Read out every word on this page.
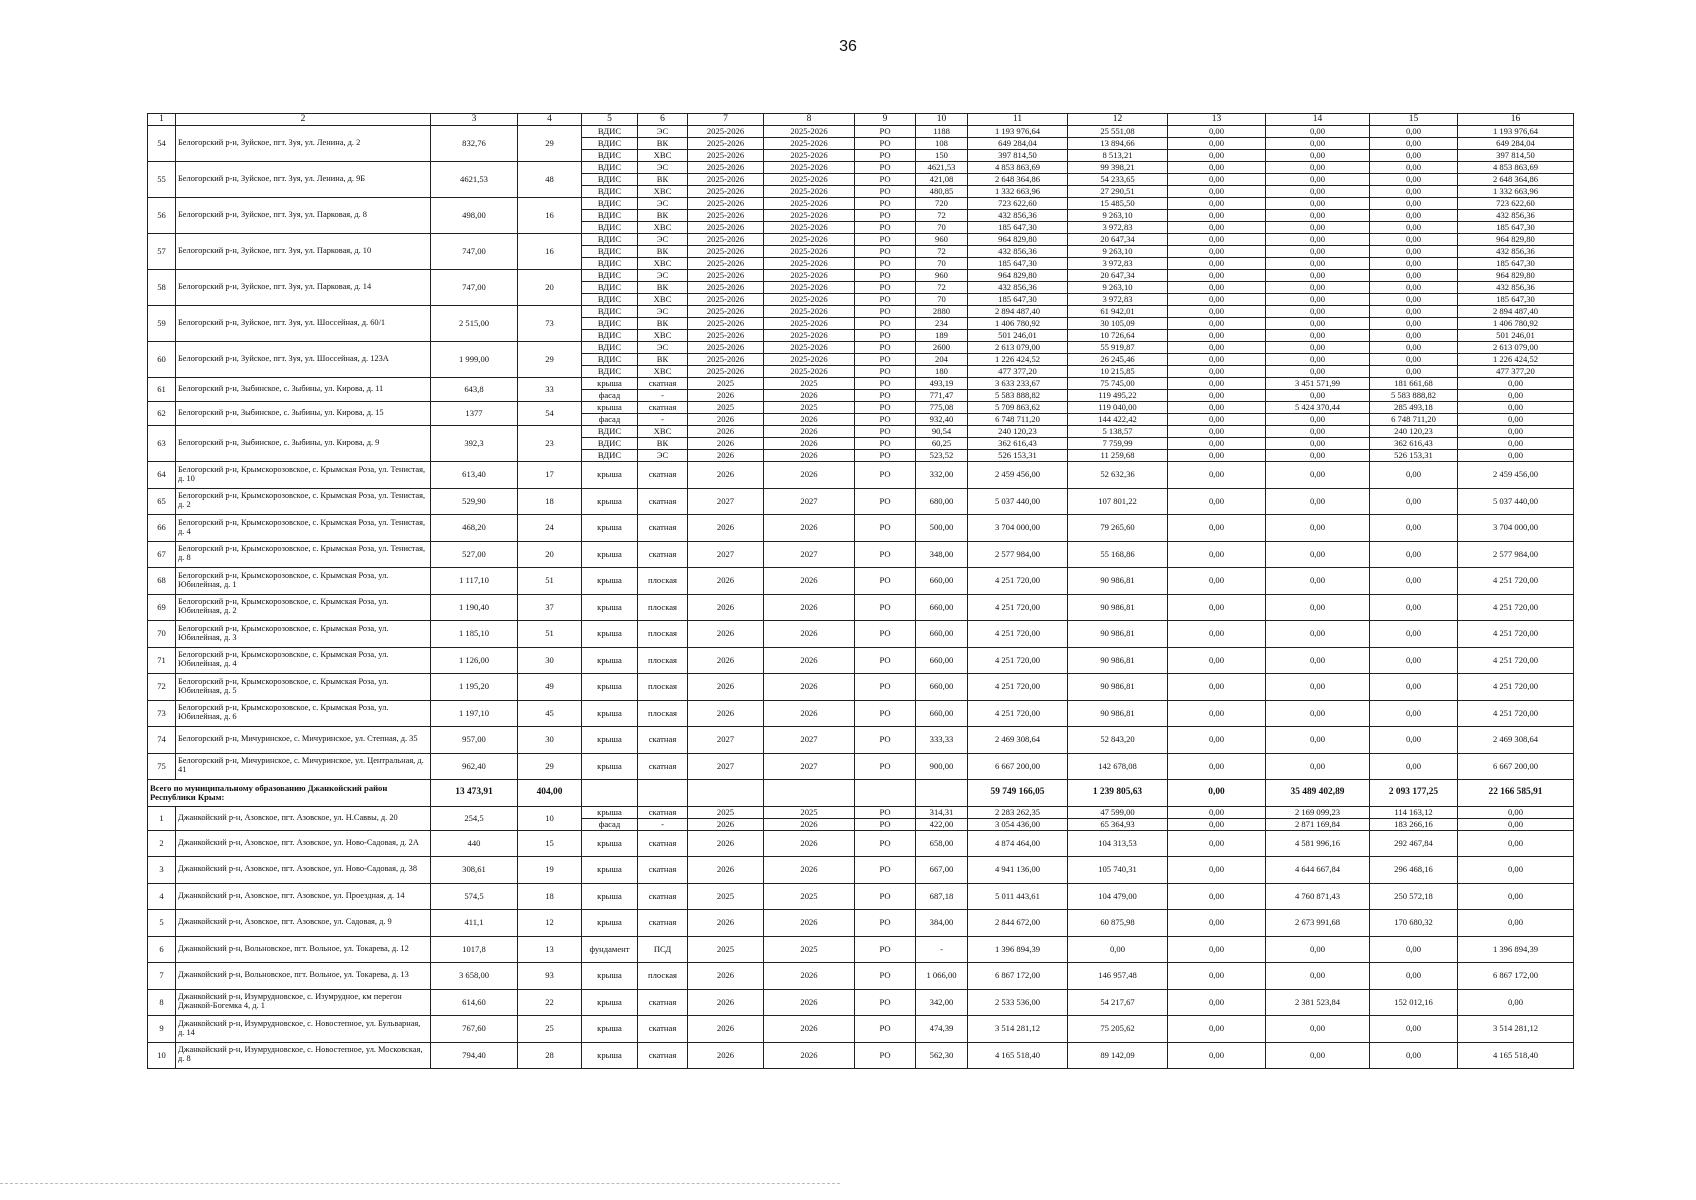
36
1	2	3	4	5	6	7	8	9	10	11	12	13	14	15	16
54	Белогорский р-н, Зуйское, пгт. Зуя, ул. Ленина, д. 2	832,76	29	ВДИС	ЭС	2025-2026	2025-2026	РО	1188	1 193 976,64	25 551,08	0,00	0,00	0,00	1 193 976,64
				ВДИС	ВК	2025-2026	2025-2026	РО	108	649 284,04	13 894,66	0,00	0,00	0,00	649 284,04
				ВДИС	ХВС	2025-2026	2025-2026	РО	150	397 814,50	8 513,21	0,00	0,00	0,00	397 814,50
55	Белогорский р-н, Зуйское, пгт. Зуя, ул. Ленина, д. 9Б	4621,53	48	ВДИС	ЭС	2025-2026	2025-2026	РО	4621,53	4 853 863,69	99 398,21	0,00	0,00	0,00	4 853 863,69
				ВДИС	ВК	2025-2026	2025-2026	РО	421,08	2 648 364,86	54 233,65	0,00	0,00	0,00	2 648 364,86
				ВДИС	ХВС	2025-2026	2025-2026	РО	480,85	1 332 663,96	27 290,51	0,00	0,00	0,00	1 332 663,96
56	Белогорский р-н, Зуйское, пгт. Зуя, ул. Парковая, д. 8	498,00	16	ВДИС	ЭС	2025-2026	2025-2026	РО	720	723 622,60	15 485,50	0,00	0,00	0,00	723 622,60
				ВДИС	ВК	2025-2026	2025-2026	РО	72	432 856,36	9 263,10	0,00	0,00	0,00	432 856,36
				ВДИС	ХВС	2025-2026	2025-2026	РО	70	185 647,30	3 972,83	0,00	0,00	0,00	185 647,30
57	Белогорский р-н, Зуйское, пгт. Зуя, ул. Парковая, д. 10	747,00	16	ВДИС	ЭС	2025-2026	2025-2026	РО	960	964 829,80	20 647,34	0,00	0,00	0,00	964 829,80
				ВДИС	ВК	2025-2026	2025-2026	РО	72	432 856,36	9 263,10	0,00	0,00	0,00	432 856,36
				ВДИС	ХВС	2025-2026	2025-2026	РО	70	185 647,30	3 972,83	0,00	0,00	0,00	185 647,30
58	Белогорский р-н, Зуйское, пгт. Зуя, ул. Парковая, д. 14	747,00	20	ВДИС	ЭС	2025-2026	2025-2026	РО	960	964 829,80	20 647,34	0,00	0,00	0,00	964 829,80
				ВДИС	ВК	2025-2026	2025-2026	РО	72	432 856,36	9 263,10	0,00	0,00	0,00	432 856,36
				ВДИС	ХВС	2025-2026	2025-2026	РО	70	185 647,30	3 972,83	0,00	0,00	0,00	185 647,30
59	Белогорский р-н, Зуйское, пгт. Зуя, ул. Шоссейная, д. 60/1	2 515,00	73	ВДИС	ЭС	2025-2026	2025-2026	РО	2880	2 894 487,40	61 942,01	0,00	0,00	0,00	2 894 487,40
				ВДИС	ВК	2025-2026	2025-2026	РО	234	1 406 780,92	30 105,09	0,00	0,00	0,00	1 406 780,92
				ВДИС	ХВС	2025-2026	2025-2026	РО	189	501 246,01	10 726,64	0,00	0,00	0,00	501 246,01
60	Белогорский р-н, Зуйское, пгт. Зуя, ул. Шоссейная, д. 123А	1 999,00	29	ВДИС	ЭС	2025-2026	2025-2026	РО	2600	2 613 079,00	55 919,87	0,00	0,00	0,00	2 613 079,00
				ВДИС	ВК	2025-2026	2025-2026	РО	204	1 226 424,52	26 245,46	0,00	0,00	0,00	1 226 424,52
				ВДИС	ХВС	2025-2026	2025-2026	РО	180	477 377,20	10 215,85	0,00	0,00	0,00	477 377,20
61	Белогорский р-н, Зыбинское, с. Зыбины, ул. Кирова, д. 11	643,8	33	крыша	скатная	2025	2025	РО	493,19	3 633 233,67	75 745,00	0,00	3 451 571,99	181 661,68	0,00
				фасад	-	2026	2026	РО	771,47	5 583 888,82	119 495,22	0,00	0,00	5 583 888,82	0,00
62	Белогорский р-н, Зыбинское, с. Зыбины, ул. Кирова, д. 15	1377	54	крыша	скатная	2025	2025	РО	775,08	5 709 863,62	119 040,00	0,00	5 424 370,44	285 493,18	0,00
				фасад	-	2026	2026	РО	932,40	6 748 711,20	144 422,42	0,00	0,00	6 748 711,20	0,00
63	Белогорский р-н, Зыбинское, с. Зыбины, ул. Кирова, д. 9	392,3	23	ВДИС	ХВС	2026	2026	РО	90,54	240 120,23	5 138,57	0,00	0,00	240 120,23	0,00
				ВДИС	ВК	2026	2026	РО	60,25	362 616,43	7 759,99	0,00	0,00	362 616,43	0,00
				ВДИС	ЭС	2026	2026	РО	523,52	526 153,31	11 259,68	0,00	0,00	526 153,31	0,00
64	Белогорский р-н, Крымскорозовское, с. Крымская Роза, ул. Тенистая, д. 10	613,40	17	крыша	скатная	2026	2026	РО	332,00	2 459 456,00	52 632,36	0,00	0,00	0,00	2 459 456,00
65	Белогорский р-н, Крымскорозовское, с. Крымская Роза, ул. Тенистая, д. 2	529,90	18	крыша	скатная	2027	2027	РО	680,00	5 037 440,00	107 801,22	0,00	0,00	0,00	5 037 440,00
66	Белогорский р-н, Крымскорозовское, с. Крымская Роза, ул. Тенистая, д. 4	468,20	24	крыша	скатная	2026	2026	РО	500,00	3 704 000,00	79 265,60	0,00	0,00	0,00	3 704 000,00
67	Белогорский р-н, Крымскорозовское, с. Крымская Роза, ул. Тенистая, д. 8	527,00	20	крыша	скатная	2027	2027	РО	348,00	2 577 984,00	55 168,86	0,00	0,00	0,00	2 577 984,00
68	Белогорский р-н, Крымскорозовское, с. Крымская Роза, ул. Юбилейная, д. 1	1 117,10	51	крыша	плоская	2026	2026	РО	660,00	4 251 720,00	90 986,81	0,00	0,00	0,00	4 251 720,00
69	Белогорский р-н, Крымскорозовское, с. Крымская Роза, ул. Юбилейная, д. 2	1 190,40	37	крыша	плоская	2026	2026	РО	660,00	4 251 720,00	90 986,81	0,00	0,00	0,00	4 251 720,00
70	Белогорский р-н, Крымскорозовское, с. Крымская Роза, ул. Юбилейная, д. 3	1 185,10	51	крыша	плоская	2026	2026	РО	660,00	4 251 720,00	90 986,81	0,00	0,00	0,00	4 251 720,00
71	Белогорский р-н, Крымскорозовское, с. Крымская Роза, ул. Юбилейная, д. 4	1 126,00	30	крыша	плоская	2026	2026	РО	660,00	4 251 720,00	90 986,81	0,00	0,00	0,00	4 251 720,00
72	Белогорский р-н, Крымскорозовское, с. Крымская Роза, ул. Юбилейная, д. 5	1 195,20	49	крыша	плоская	2026	2026	РО	660,00	4 251 720,00	90 986,81	0,00	0,00	0,00	4 251 720,00
73	Белогорский р-н, Крымскорозовское, с. Крымская Роза, ул. Юбилейная, д. 6	1 197,10	45	крыша	плоская	2026	2026	РО	660,00	4 251 720,00	90 986,81	0,00	0,00	0,00	4 251 720,00
74	Белогорский р-н, Мичуринское, с. Мичуринское, ул. Степная, д. 35	957,00	30	крыша	скатная	2027	2027	РО	333,33	2 469 308,64	52 843,20	0,00	0,00	0,00	2 469 308,64
75	Белогорский р-н, Мичуринское, с. Мичуринское, ул. Центральная, д. 41	962,40	29	крыша	скатная	2027	2027	РО	900,00	6 667 200,00	142 678,08	0,00	0,00	0,00	6 667 200,00
Всего по муниципальному образованию Джанкойский район Республики Крым:		13 473,91	404,00							59 749 166,05	1 239 805,63	0,00	35 489 402,89	2 093 177,25	22 166 585,91
1	Джанкойский р-н, Азовское, пгт. Азовское, ул. Н.Саввы, д. 20	254,5	10	крыша	скатная	2025	2025	РО	314,31	2 283 262,35	47 599,00	0,00	2 169 099,23	114 163,12	0,00
				фасад	-	2026	2026	РО	422,00	3 054 436,00	65 364,93	0,00	2 871 169,84	183 266,16	0,00
2	Джанкойский р-н, Азовское, пгт. Азовское, ул. Ново-Садовая, д. 2А	440	15	крыша	скатная	2026	2026	РО	658,00	4 874 464,00	104 313,53	0,00	4 581 996,16	292 467,84	0,00
3	Джанкойский р-н, Азовское, пгт. Азовское, ул. Ново-Садовая, д. 38	308,61	19	крыша	скатная	2026	2026	РО	667,00	4 941 136,00	105 740,31	0,00	4 644 667,84	296 468,16	0,00
4	Джанкойский р-н, Азовское, пгт. Азовское, ул. Проездная, д. 14	574,5	18	крыша	скатная	2025	2025	РО	687,18	5 011 443,61	104 479,00	0,00	4 760 871,43	250 572,18	0,00
5	Джанкойский р-н, Азовское, пгт. Азовское, ул. Садовая, д. 9	411,1	12	крыша	скатная	2026	2026	РО	384,00	2 844 672,00	60 875,98	0,00	2 673 991,68	170 680,32	0,00
6	Джанкойский р-н, Вольновское, пгт. Вольное, ул. Токарева, д. 12	1017,8	13	фундамент	ПСД	2025	2025	РО	-	1 396 894,39	0,00	0,00	0,00	0,00	1 396 894,39
7	Джанкойский р-н, Вольновское, пгт. Вольное, ул. Токарева, д. 13	3 658,00	93	крыша	плоская	2026	2026	РО	1 066,00	6 867 172,00	146 957,48	0,00	0,00	0,00	6 867 172,00
8	Джанкойский р-н, Изумрудновское, с. Изумрудное, км перегон Джанкой-Богемка 4, д. 1	614,60	22	крыша	скатная	2026	2026	РО	342,00	2 533 536,00	54 217,67	0,00	2 381 523,84	152 012,16	0,00
9	Джанкойский р-н, Изумрудновское, с. Новостепное, ул. Бульварная, д. 14	767,60	25	крыша	скатная	2026	2026	РО	474,39	3 514 281,12	75 205,62	0,00	0,00	0,00	3 514 281,12
10	Джанкойский р-н, Изумрудновское, с. Новостепное, ул. Московская, д. 8	794,40	28	крыша	скатная	2026	2026	РО	562,30	4 165 518,40	89 142,09	0,00	0,00	0,00	4 165 518,40
